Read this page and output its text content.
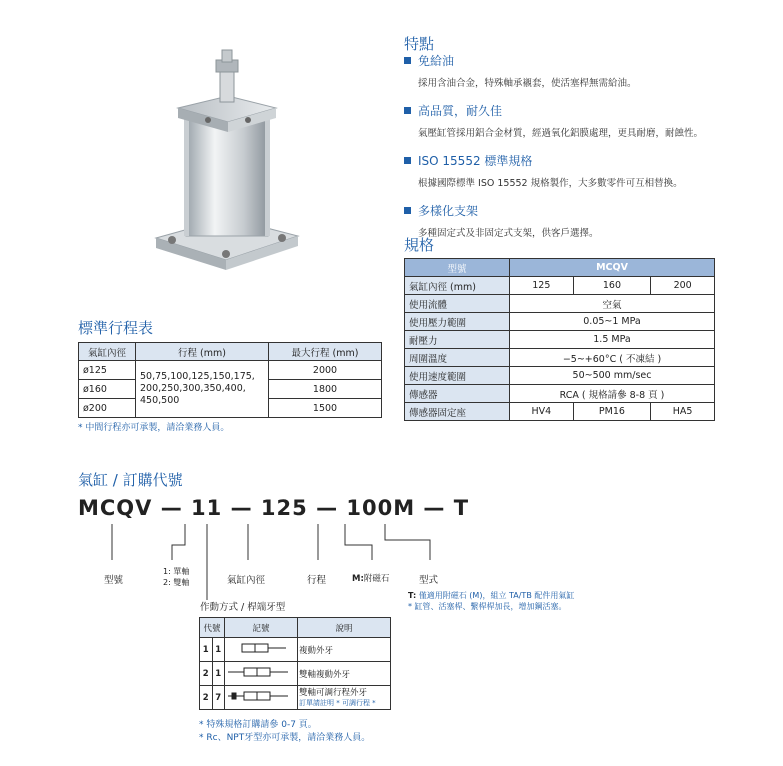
特點
免給油
採用含油合金，特殊軸承襯套，使活塞桿無需給油。
高品質，耐久佳
氣壓缸管採用鋁合金材質，經過氧化鋁膜處理，更具耐磨，耐蝕性。
ISO 15552 標準規格
根據國際標準 ISO 15552 規格製作，大多數零件可互相替換。
多樣化支架
多種固定式及非固定式支架，供客戶選擇。
規格
型號	MCQV		
氣缸內徑 (mm)	125	160	200
使用流體	空氣		
使用壓力範圍	0.05~1 MPa		
耐壓力	1.5 MPa		
周圍溫度	−5~+60°C ( 不凍結 )		
使用速度範圍	50~500 mm/sec		
傳感器	RCA ( 規格請參 8-8 頁 )		
傳感器固定座	HV4	PM16	HA5
標準行程表
氣缸內徑	行程 (mm)	最大行程 (mm)
ø125	50,75,100,125,150,175,
200,250,300,350,400,
450,500	2000
ø160		1800
ø200		1500
* 中間行程亦可承製，請洽業務人員。
氣缸 / 訂購代號
MCQV — 11 — 125 — 100M — T
型號
1: 單軸
2: 雙軸	氣缸內徑	行程	M:附磁石	型式
T: 僅適用附磁石 (M)，組立 TA/TB 配件用氣缸
* 缸管、活塞桿、繫桿桿加長，增加鋼活塞。
作動方式 / 桿端牙型
代號		記號	說明
1	1		複動外牙
2	1		雙軸複動外牙
2	7		雙軸可調行程外牙
訂單請註明 * 可調行程 *
* 特殊規格訂購請參 0-7 頁。
* Rc、NPT牙型亦可承製，請洽業務人員。
